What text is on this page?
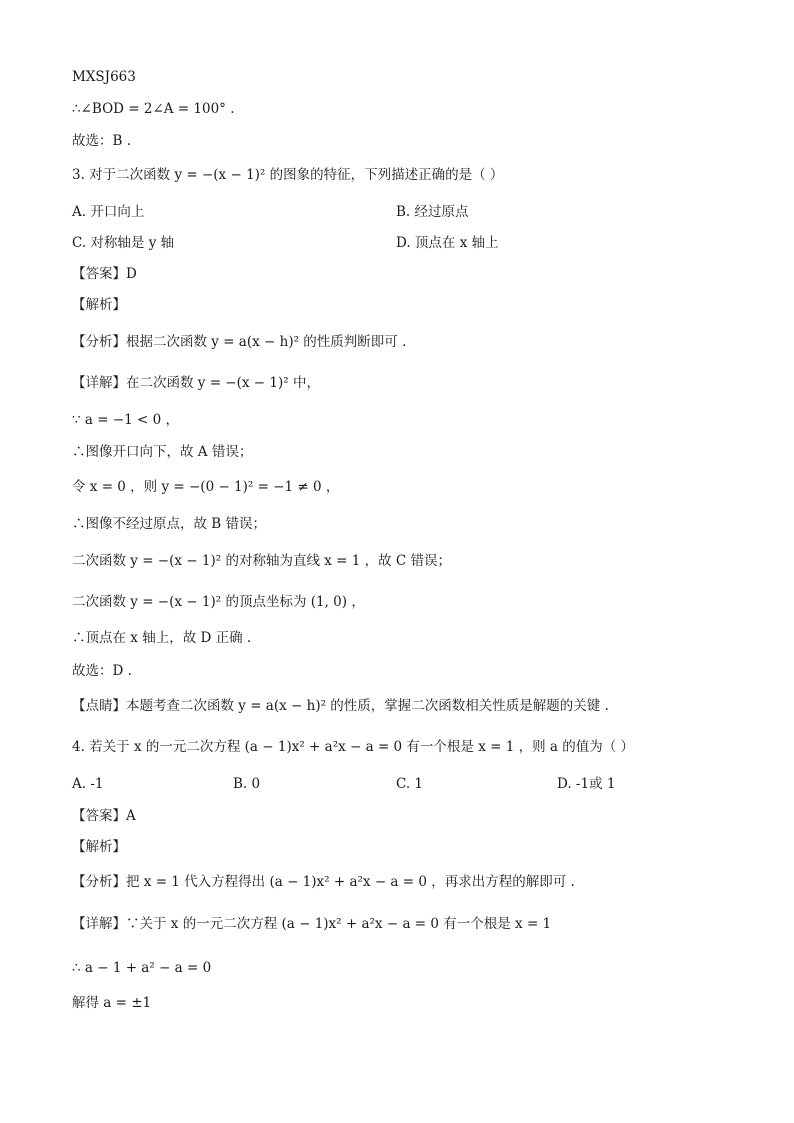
MXSJ663
∴∠BOD = 2∠A = 100° .
故选：B .
3. 对于二次函数 y = −(x − 1)² 的图象的特征，下列描述正确的是（ ）
A. 开口向上	B. 经过原点
C. 对称轴是 y 轴	D. 顶点在 x 轴上
【答案】D
【解析】
【分析】根据二次函数 y = a(x − h)² 的性质判断即可 .
【详解】在二次函数 y = −(x − 1)² 中，
∵ a = −1 < 0 ，
∴图像开口向下，故 A 错误；
令 x = 0 ，则 y = −(0 − 1)² = −1 ≠ 0 ，
∴图像不经过原点，故 B 错误；
二次函数 y = −(x − 1)² 的对称轴为直线 x = 1 ，故 C 错误；
二次函数 y = −(x − 1)² 的顶点坐标为 (1, 0) ，
∴顶点在 x 轴上，故 D 正确 .
故选：D .
【点睛】本题考查二次函数 y = a(x − h)² 的性质，掌握二次函数相关性质是解题的关键 .
4. 若关于 x 的一元二次方程 (a − 1)x² + a²x − a = 0 有一个根是 x = 1 ，则 a 的值为（ ）
A. -1	B. 0	C. 1	D. -1或 1
【答案】A
【解析】
【分析】把 x = 1 代入方程得出 (a − 1)x² + a²x − a = 0 ，再求出方程的解即可 .
【详解】∵关于 x 的一元二次方程 (a − 1)x² + a²x − a = 0 有一个根是 x = 1
∴ a − 1 + a² − a = 0
解得 a = ±1
